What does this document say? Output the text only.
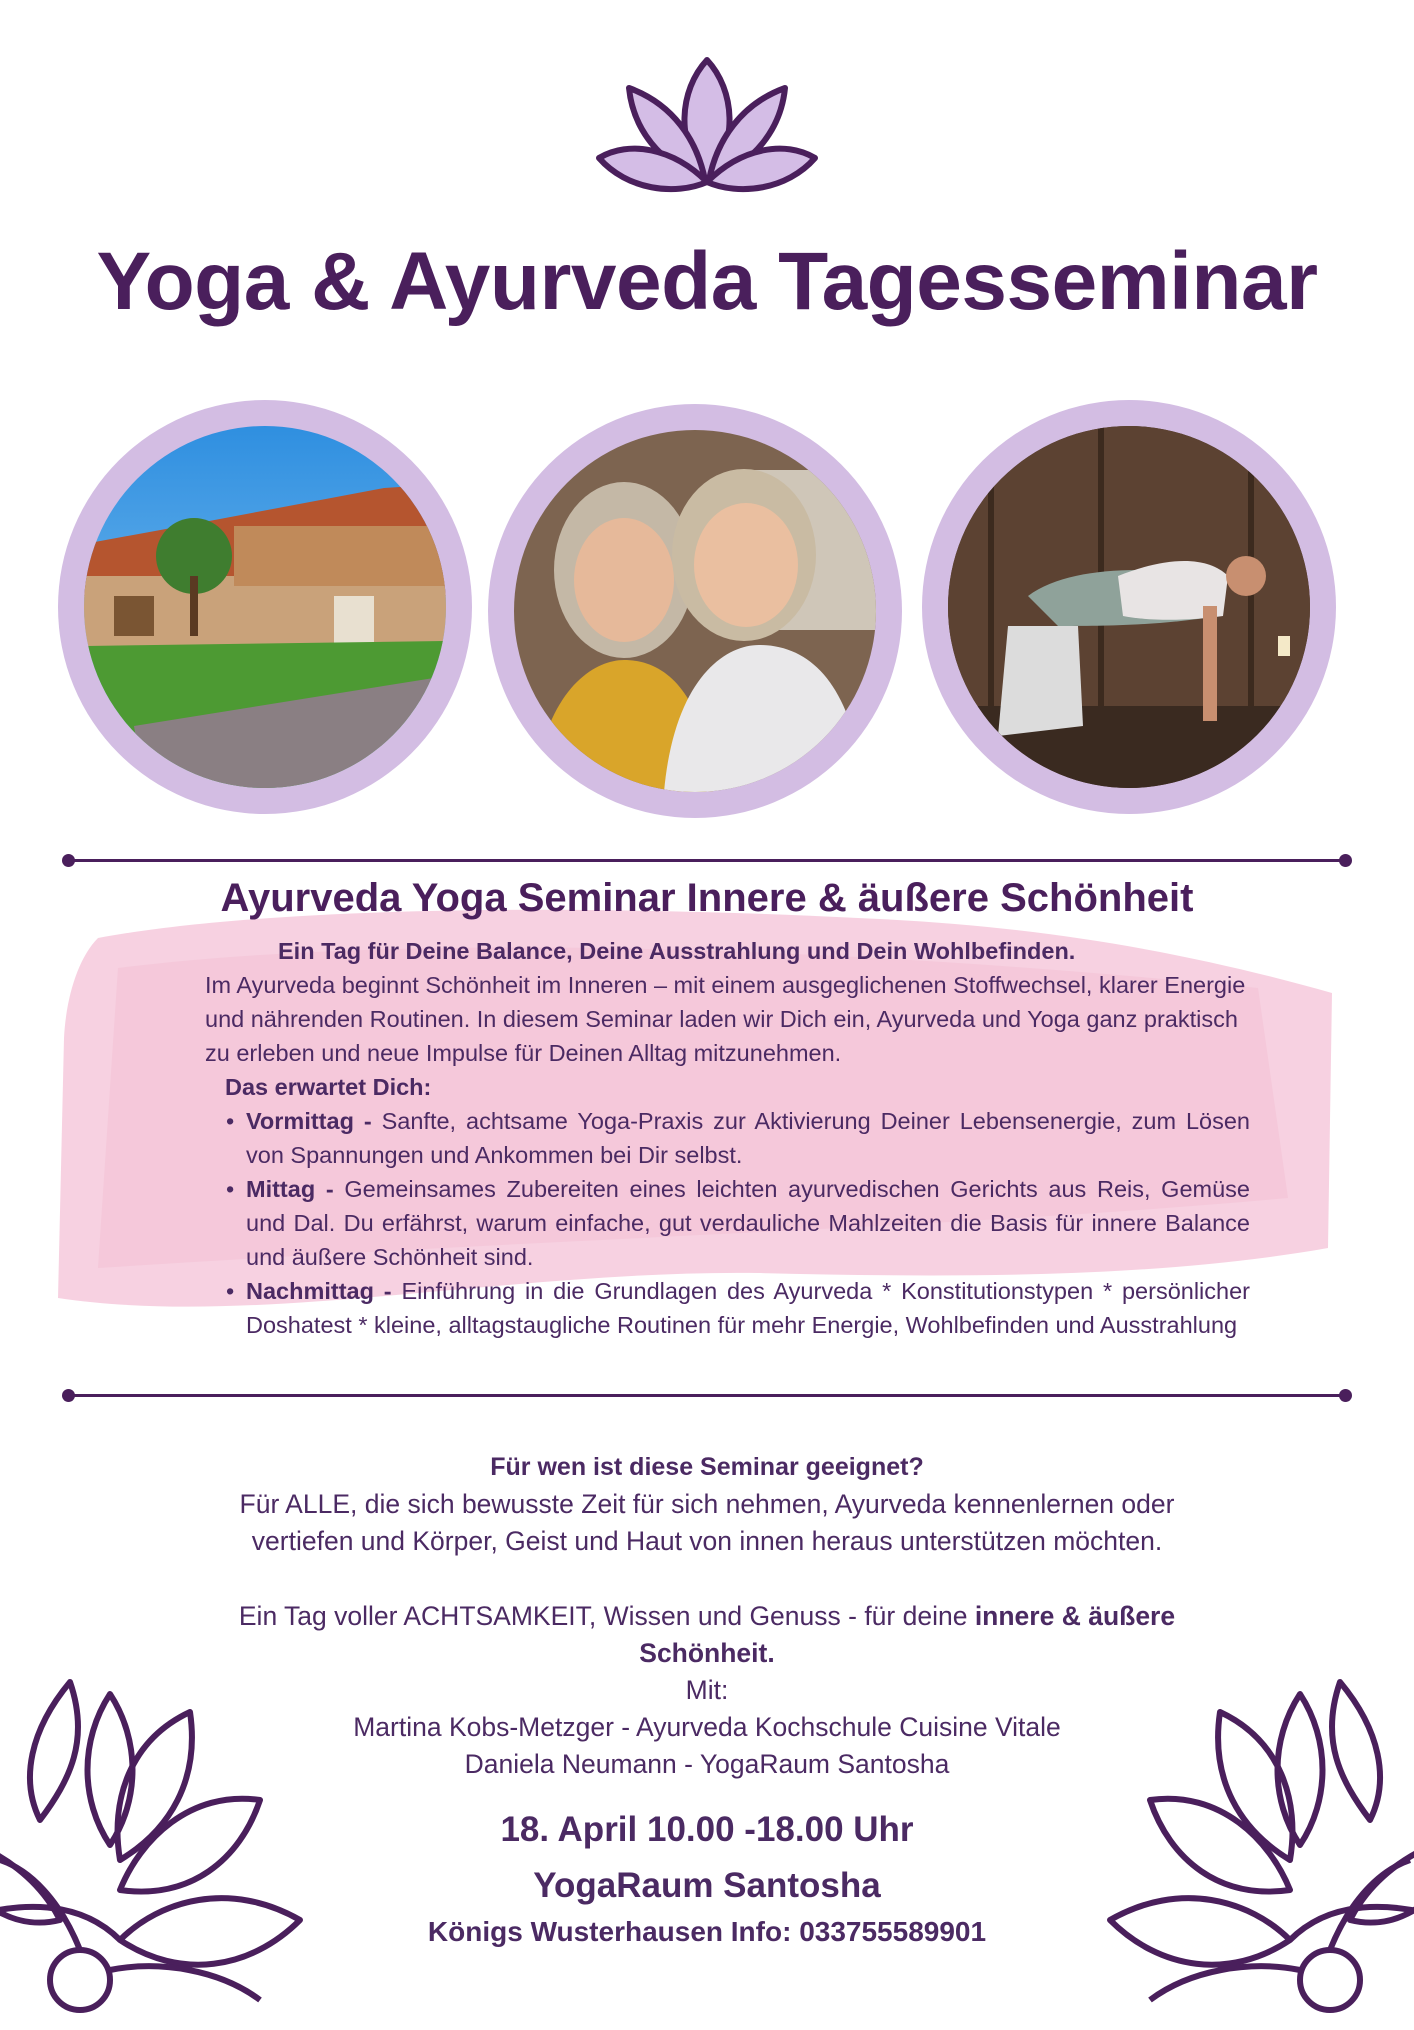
Yoga & Ayurveda Tagesseminar
Ayurveda Yoga Seminar Innere & äußere Schönheit
Ein Tag für Deine Balance, Deine Ausstrahlung und Dein Wohlbefinden.
Im Ayurveda beginnt Schönheit im Inneren – mit einem ausgeglichenen Stoffwechsel, klarer Energie und nährenden Routinen. In diesem Seminar laden wir Dich ein, Ayurveda und Yoga ganz praktisch zu erleben und neue Impulse für Deinen Alltag mitzunehmen.
Das erwartet Dich:
• Vormittag - Sanfte, achtsame Yoga-Praxis zur Aktivierung Deiner Lebensenergie, zum Lösen von Spannungen und Ankommen bei Dir selbst.
• Mittag - Gemeinsames Zubereiten eines leichten ayurvedischen Gerichts aus Reis, Gemüse und Dal. Du erfährst, warum einfache, gut verdauliche Mahlzeiten die Basis für innere Balance und äußere Schönheit sind.
• Nachmittag - Einführung in die Grundlagen des Ayurveda * Konstitutionstypen * persönlicher Doshatest * kleine, alltagstaugliche Routinen für mehr Energie, Wohlbefinden und Ausstrahlung
Für wen ist diese Seminar geeignet?
Für ALLE, die sich bewusste Zeit für sich nehmen, Ayurveda kennenlernen oder vertiefen und Körper, Geist und Haut von innen heraus unterstützen möchten.
Ein Tag voller ACHTSAMKEIT, Wissen und Genuss - für deine innere & äußere Schönheit.
Mit:
Martina Kobs-Metzger - Ayurveda Kochschule Cuisine Vitale
Daniela Neumann - YogaRaum Santosha
18. April 10.00 -18.00 Uhr
YogaRaum Santosha
Königs Wusterhausen Info: 033755589901
